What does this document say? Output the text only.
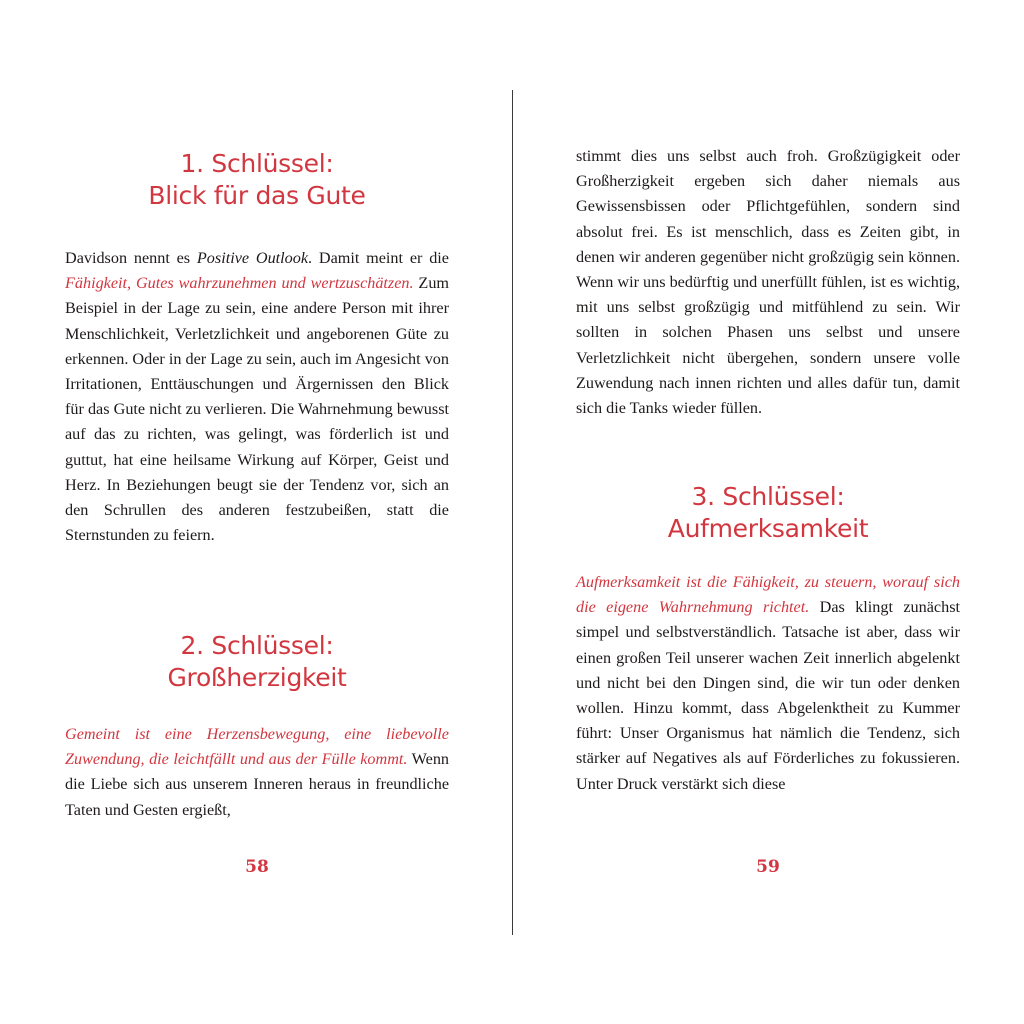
1. Schlüssel:
Blick für das Gute
Davidson nennt es Positive Outlook. Damit meint er die Fähigkeit, Gutes wahrzunehmen und wertzuschätzen. Zum Beispiel in der Lage zu sein, eine andere Person mit ihrer Menschlichkeit, Verletzlichkeit und angeborenen Güte zu erkennen. Oder in der Lage zu sein, auch im Angesicht von Irritationen, Enttäuschungen und Ärgernissen den Blick für das Gute nicht zu verlieren. Die Wahrnehmung bewusst auf das zu richten, was gelingt, was förderlich ist und guttut, hat eine heilsame Wirkung auf Körper, Geist und Herz. In Beziehungen beugt sie der Tendenz vor, sich an den Schrullen des anderen festzubeißen, statt die Sternstunden zu feiern.
2. Schlüssel:
Großherzigkeit
Gemeint ist eine Herzensbewegung, eine liebevolle Zuwendung, die leichtfällt und aus der Fülle kommt. Wenn die Liebe sich aus unserem Inneren heraus in freundliche Taten und Gesten ergießt,
58
stimmt dies uns selbst auch froh. Großzügigkeit oder Großherzigkeit ergeben sich daher niemals aus Gewissensbissen oder Pflichtgefühlen, sondern sind absolut frei. Es ist menschlich, dass es Zeiten gibt, in denen wir anderen gegenüber nicht großzügig sein können. Wenn wir uns bedürftig und unerfüllt fühlen, ist es wichtig, mit uns selbst großzügig und mitfühlend zu sein. Wir sollten in solchen Phasen uns selbst und unsere Verletzlichkeit nicht übergehen, sondern unsere volle Zuwendung nach innen richten und alles dafür tun, damit sich die Tanks wieder füllen.
3. Schlüssel:
Aufmerksamkeit
Aufmerksamkeit ist die Fähigkeit, zu steuern, worauf sich die eigene Wahrnehmung richtet. Das klingt zunächst simpel und selbstverständlich. Tatsache ist aber, dass wir einen großen Teil unserer wachen Zeit innerlich abgelenkt und nicht bei den Dingen sind, die wir tun oder denken wollen. Hinzu kommt, dass Abgelenktheit zu Kummer führt: Unser Organismus hat nämlich die Tendenz, sich stärker auf Negatives als auf Förderliches zu fokussieren. Unter Druck verstärkt sich diese
59
